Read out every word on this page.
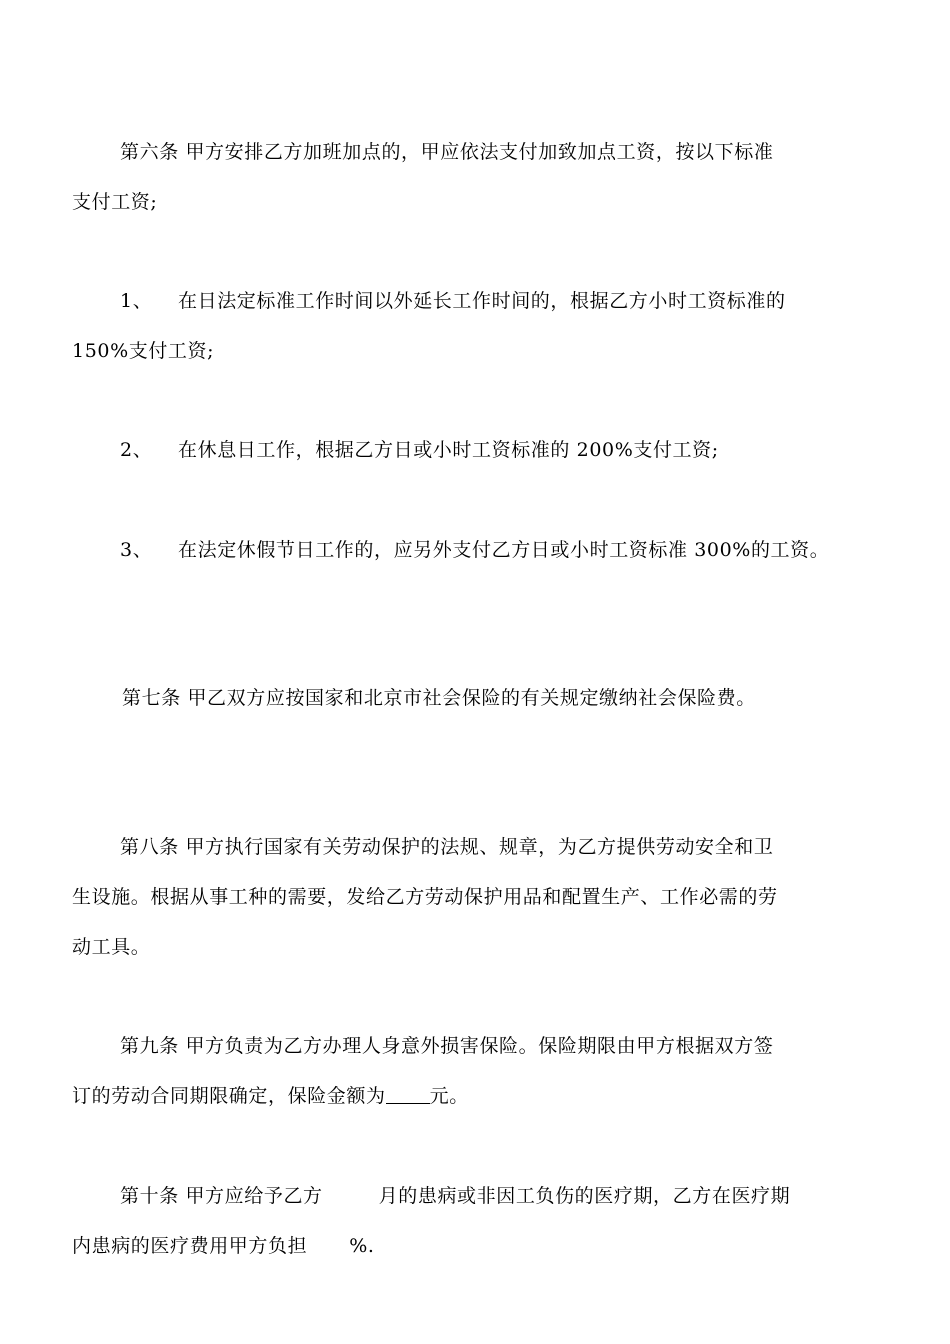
第六条 甲方安排乙方加班加点的，甲应依法支付加致加点工资，按以下标准
支付工资;
1、 在日法定标准工作时间以外延长工作时间的，根据乙方小时工资标准的
150%支付工资;
2、 在休息日工作，根据乙方日或小时工资标准的 200%支付工资;
3、 在法定休假节日工作的，应另外支付乙方日或小时工资标准 300%的工资。
第七条 甲乙双方应按国家和北京市社会保险的有关规定缴纳社会保险费。
第八条 甲方执行国家有关劳动保护的法规、规章，为乙方提供劳动安全和卫
生设施。根据从事工种的需要，发给乙方劳动保护用品和配置生产、工作必需的劳
动工具。
第九条 甲方负责为乙方办理人身意外损害保险。保险期限由甲方根据双方签
订的劳动合同期限确定，保险金额为 元。
第十条 甲方应给予乙方	月的患病或非因工负伤的医疗期，乙方在医疗期
内患病的医疗费用甲方负担 %.
